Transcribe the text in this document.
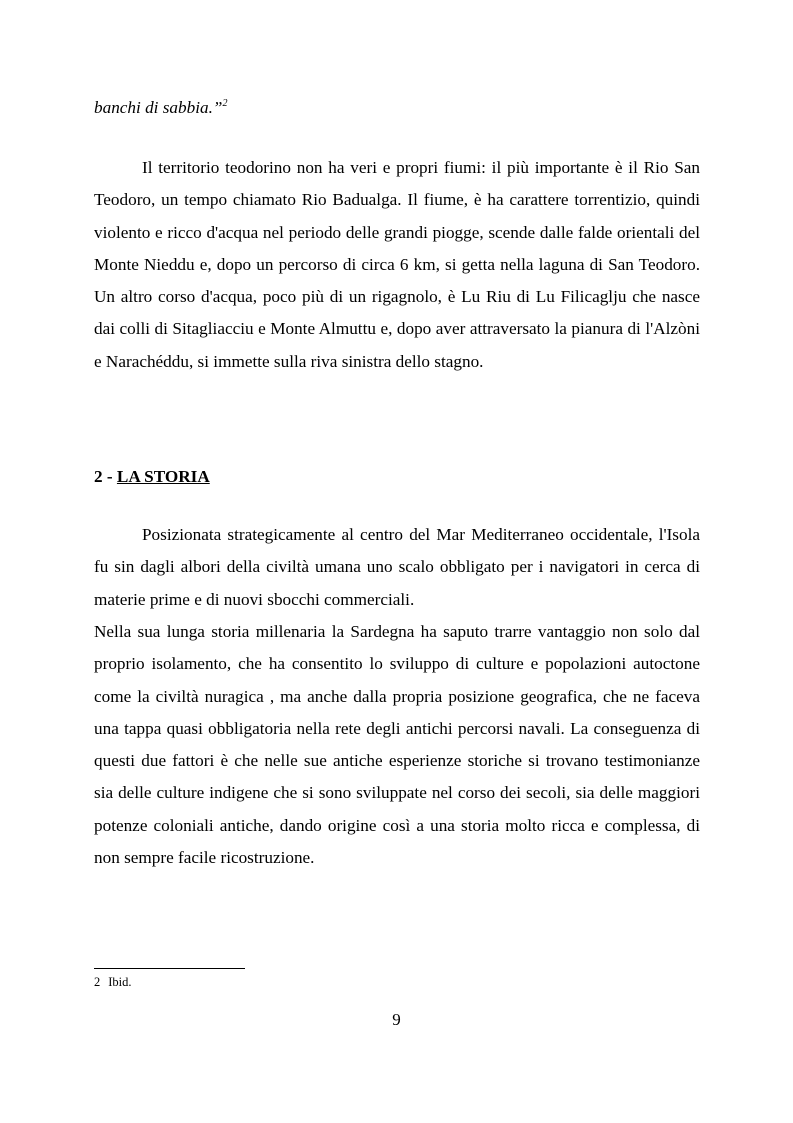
banchi di sabbia.”$^2$

Il territorio teodorino non ha veri e propri fiumi: il più importante è il Rio San Teodoro, un tempo chiamato Rio Badualga. Il fiume, è ha carattere torrentizio, quindi violento e ricco d'acqua nel periodo delle grandi piogge, scende dalle falde orientali del Monte Nieddu e, dopo un percorso di circa 6 km, si getta nella laguna di San Teodoro. Un altro corso d'acqua, poco più di un rigagnolo, è Lu Riu di Lu Filicaglju che nasce dai colli di Sitagliacciu e Monte Almuttu e, dopo aver attraversato la pianura di l'Alzòni e Narachéddu, si immette sulla riva sinistra dello stagno.

2 - LA STORIA

Posizionata strategicamente al centro del Mar Mediterraneo occidentale, l'Isola fu sin dagli albori della civiltà umana uno scalo obbligato per i navigatori in cerca di materie prime e di nuovi sbocchi commerciali.

Nella sua lunga storia millenaria la Sardegna ha saputo trarre vantaggio non solo dal proprio isolamento, che ha consentito lo sviluppo di culture e popolazioni autoctone come la civiltà nuragica , ma anche dalla propria posizione geografica, che ne faceva una tappa quasi obbligatoria nella rete degli antichi percorsi navali. La conseguenza di questi due fattori è che nelle sue antiche esperienze storiche si trovano testimonianze sia delle culture indigene che si sono sviluppate nel corso dei secoli, sia delle maggiori potenze coloniali antiche, dando origine così a una storia molto ricca e complessa, di non sempre facile ricostruzione.

2 Ibid.
9
